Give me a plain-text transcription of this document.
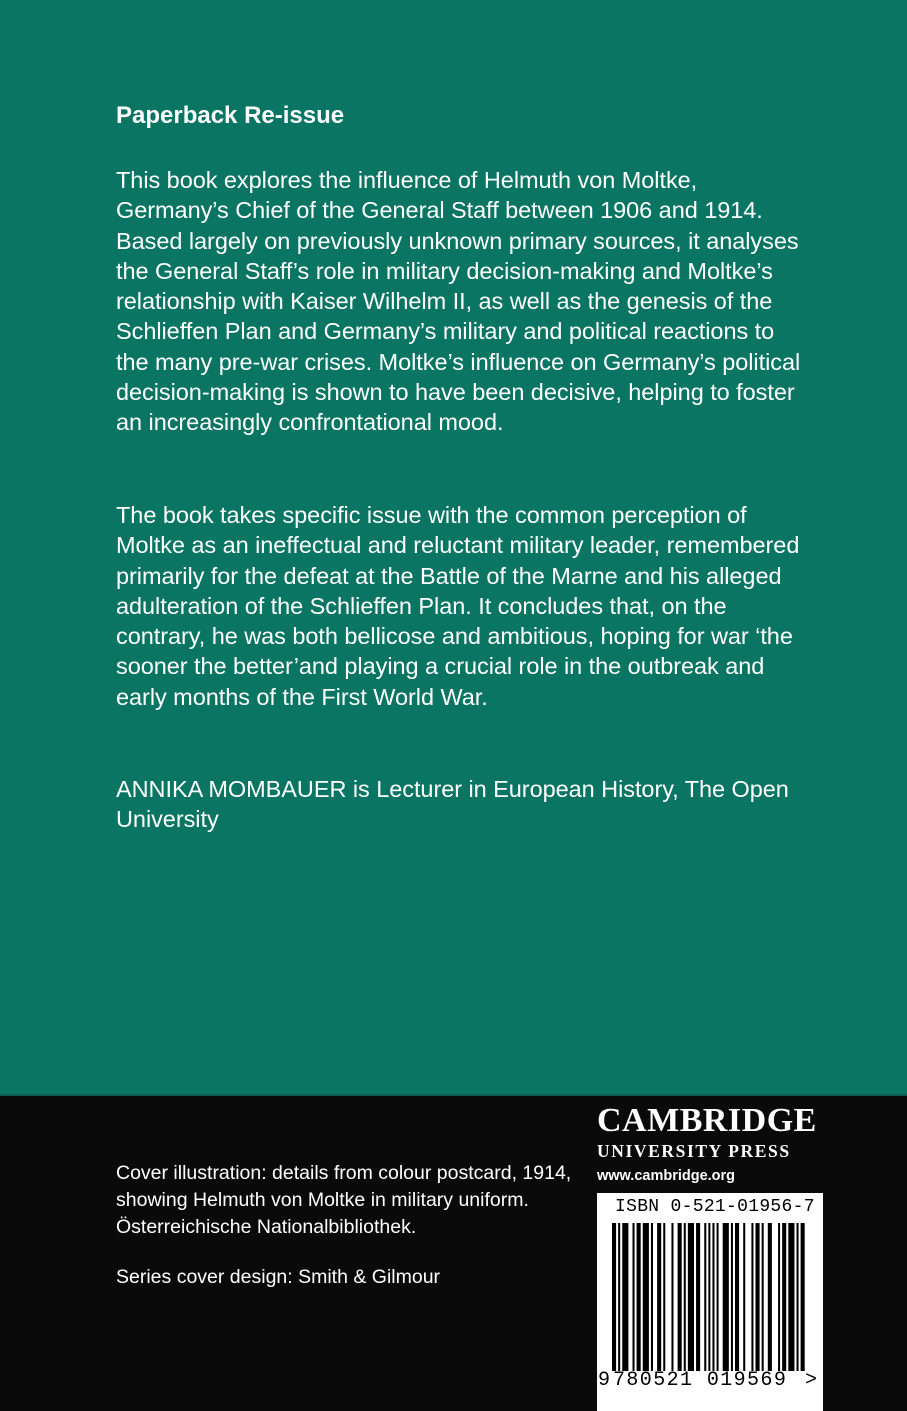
Paperback Re-issue

This book explores the influence of Helmuth von Moltke, Germany’s Chief of the General Staff between 1906 and 1914. Based largely on previously unknown primary sources, it analyses the General Staff’s role in military decision-making and Moltke’s relationship with Kaiser Wilhelm II, as well as the genesis of the Schlieffen Plan and Germany’s military and political reactions to the many pre-war crises. Moltke’s influence on Germany’s political decision-making is shown to have been decisive, helping to foster an increasingly confrontational mood.

The book takes specific issue with the common perception of Moltke as an ineffectual and reluctant military leader, remembered primarily for the defeat at the Battle of the Marne and his alleged adulteration of the Schlieffen Plan. It concludes that, on the contrary, he was both bellicose and ambitious, hoping for war ‘the sooner the better’and playing a crucial role in the outbreak and early months of the First World War.

ANNIKA MOMBAUER is Lecturer in European History, The Open University

Cover illustration: details from colour postcard, 1914, showing Helmuth von Moltke in military uniform. Österreichische Nationalbibliothek.

Series cover design: Smith & Gilmour

CAMBRIDGE
UNIVERSITY PRESS
www.cambridge.org
ISBN 0-521-01956-7
9 780521 019569 >
